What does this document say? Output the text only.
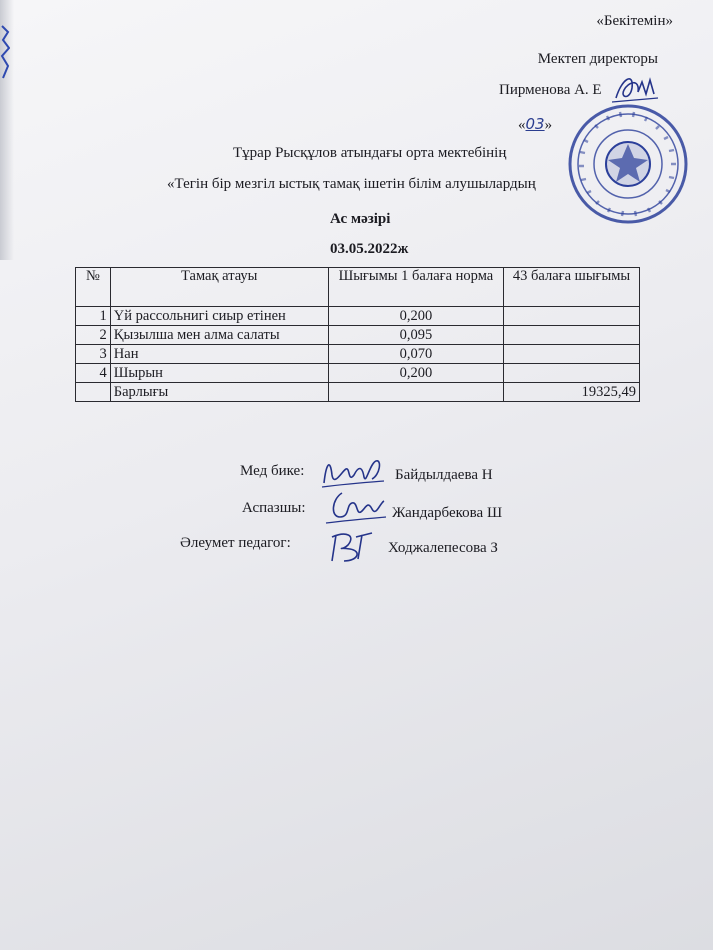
«Бекітемін»
Мектеп директоры
Пирменова А. Е
«03»
Тұрар Рысқұлов атындағы орта мектебінің
«Тегін бір мезгіл ыстық тамақ ішетін білім алушылардың
Ас мәзірі
03.05.2022ж
№	Тамақ атауы	Шығымы 1 балаға норма	43 балаға шығымы
1	Үй рассольнигі сиыр етінен	0,200	
2	Қызылша мен алма салаты	0,095	
3	Нан	0,070	
4	Шырын	0,200	
	Барлығы		19325,49
Мед бике:	Байдылдаева Н
Аспазшы:	Жандарбекова Ш
Әлеумет педагог:	Ходжалепесова З
